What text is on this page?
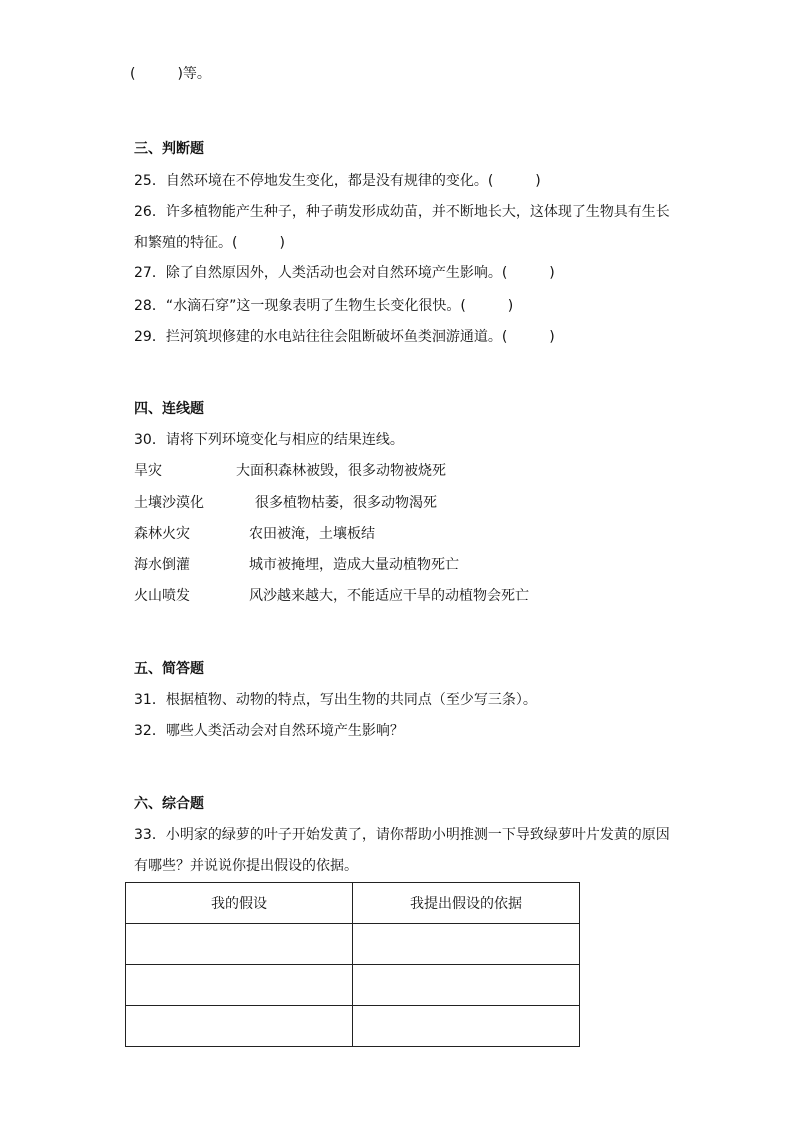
(　　　)等。
三、判断题
25．自然环境在不停地发生变化，都是没有规律的变化。(　　　)
26．许多植物能产生种子，种子萌发形成幼苗，并不断地长大，这体现了生物具有生长
和繁殖的特征。(　　　)
27．除了自然原因外，人类活动也会对自然环境产生影响。(　　　)
28．“水滴石穿”这一现象表明了生物生长变化很快。(　　　)
29．拦河筑坝修建的水电站往往会阻断破坏鱼类洄游通道。(　　　)
四、连线题
30．请将下列环境变化与相应的结果连线。
旱灾	大面积森林被毁，很多动物被烧死
土壤沙漠化	很多植物枯萎，很多动物渴死
森林火灾	农田被淹，土壤板结
海水倒灌	城市被掩埋，造成大量动植物死亡
火山喷发	风沙越来越大，不能适应干旱的动植物会死亡
五、简答题
31．根据植物、动物的特点，写出生物的共同点（至少写三条）。
32．哪些人类活动会对自然环境产生影响？
六、综合题
33．小明家的绿萝的叶子开始发黄了，请你帮助小明推测一下导致绿萝叶片发黄的原因
有哪些？并说说你提出假设的依据。
我的假设	我提出假设的依据
